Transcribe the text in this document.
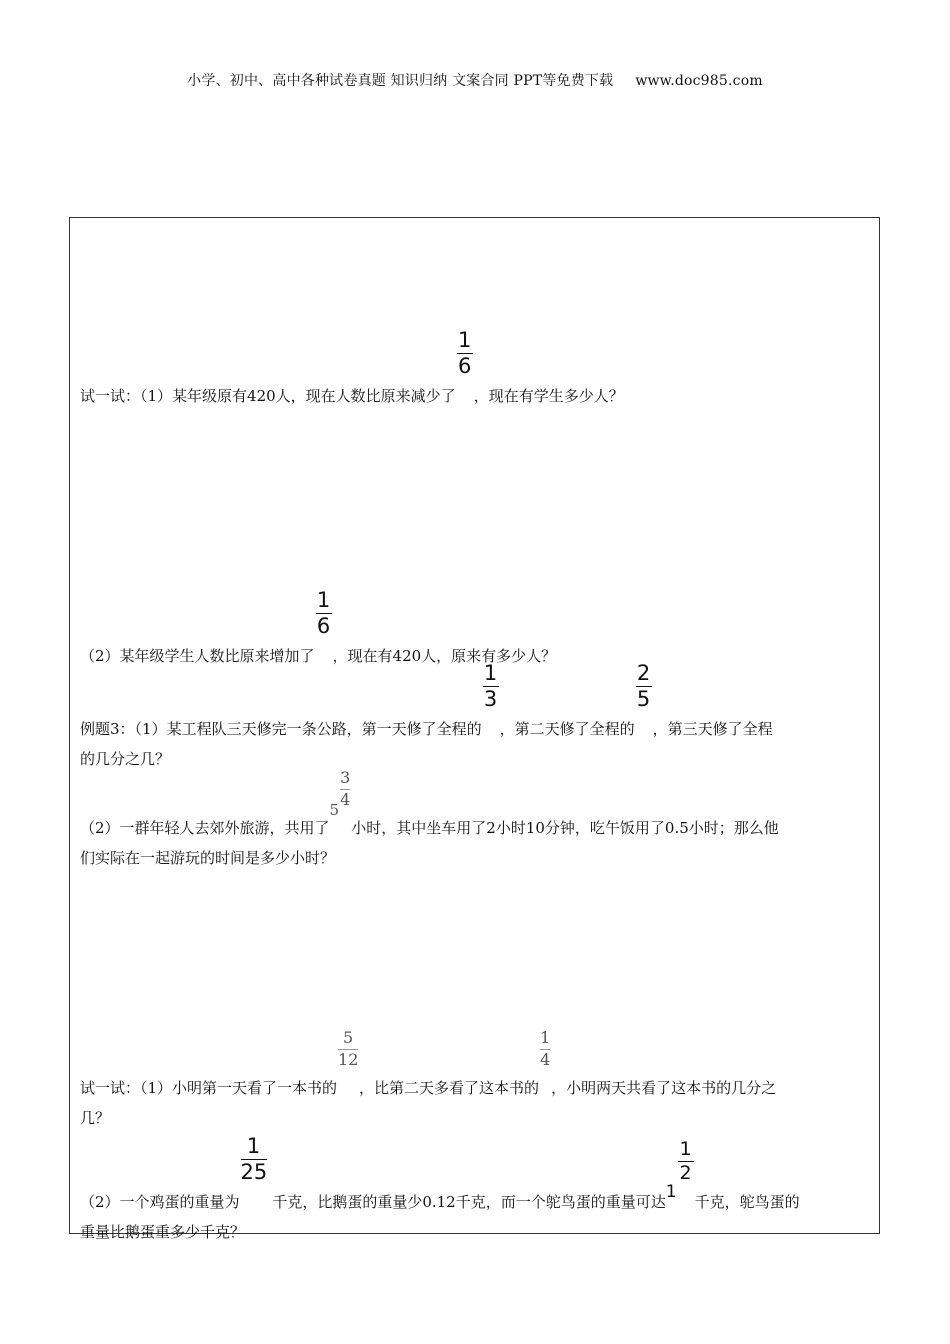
小学、初中、高中各种试卷真题 知识归纳 文案合同 PPT等免费下载 www.doc985.com
试一试：（1）某年级原有420人，现在人数比原来减少了
$\frac{1}{6}$
，现在有学生多少人？
（2）某年级学生人数比原来增加了
$\frac{1}{6}$
，现在有420人，原来有多少人？
例题3：（1）某工程队三天修完一条公路，第一天修了全程的
$\frac{1}{3}$
，第二天修了全程的
$\frac{2}{5}$
，第三天修了全程
的几分之几？
（2）一群年轻人去郊外旅游，共用了$5 \frac{3}{4}$
小时，其中坐车用了2小时10分钟，吃午饭用了0.5小时；那么他
们实际在一起游玩的时间是多少小时？
试一试：（1）小明第一天看了一本书的
$\frac{5}{12}$
，比第二天多看了这本书的
$\frac{1}{4}$
，小明两天共看了这本书的几分之
几？
（2）一个鸡蛋的重量为
$\frac{1}{25}$
千克，比鹅蛋的重量少0.12千克，而一个鸵鸟蛋的重量可达1
$\frac{1}{2}$
千克，鸵鸟蛋的
重量比鹅蛋重多少千克？
